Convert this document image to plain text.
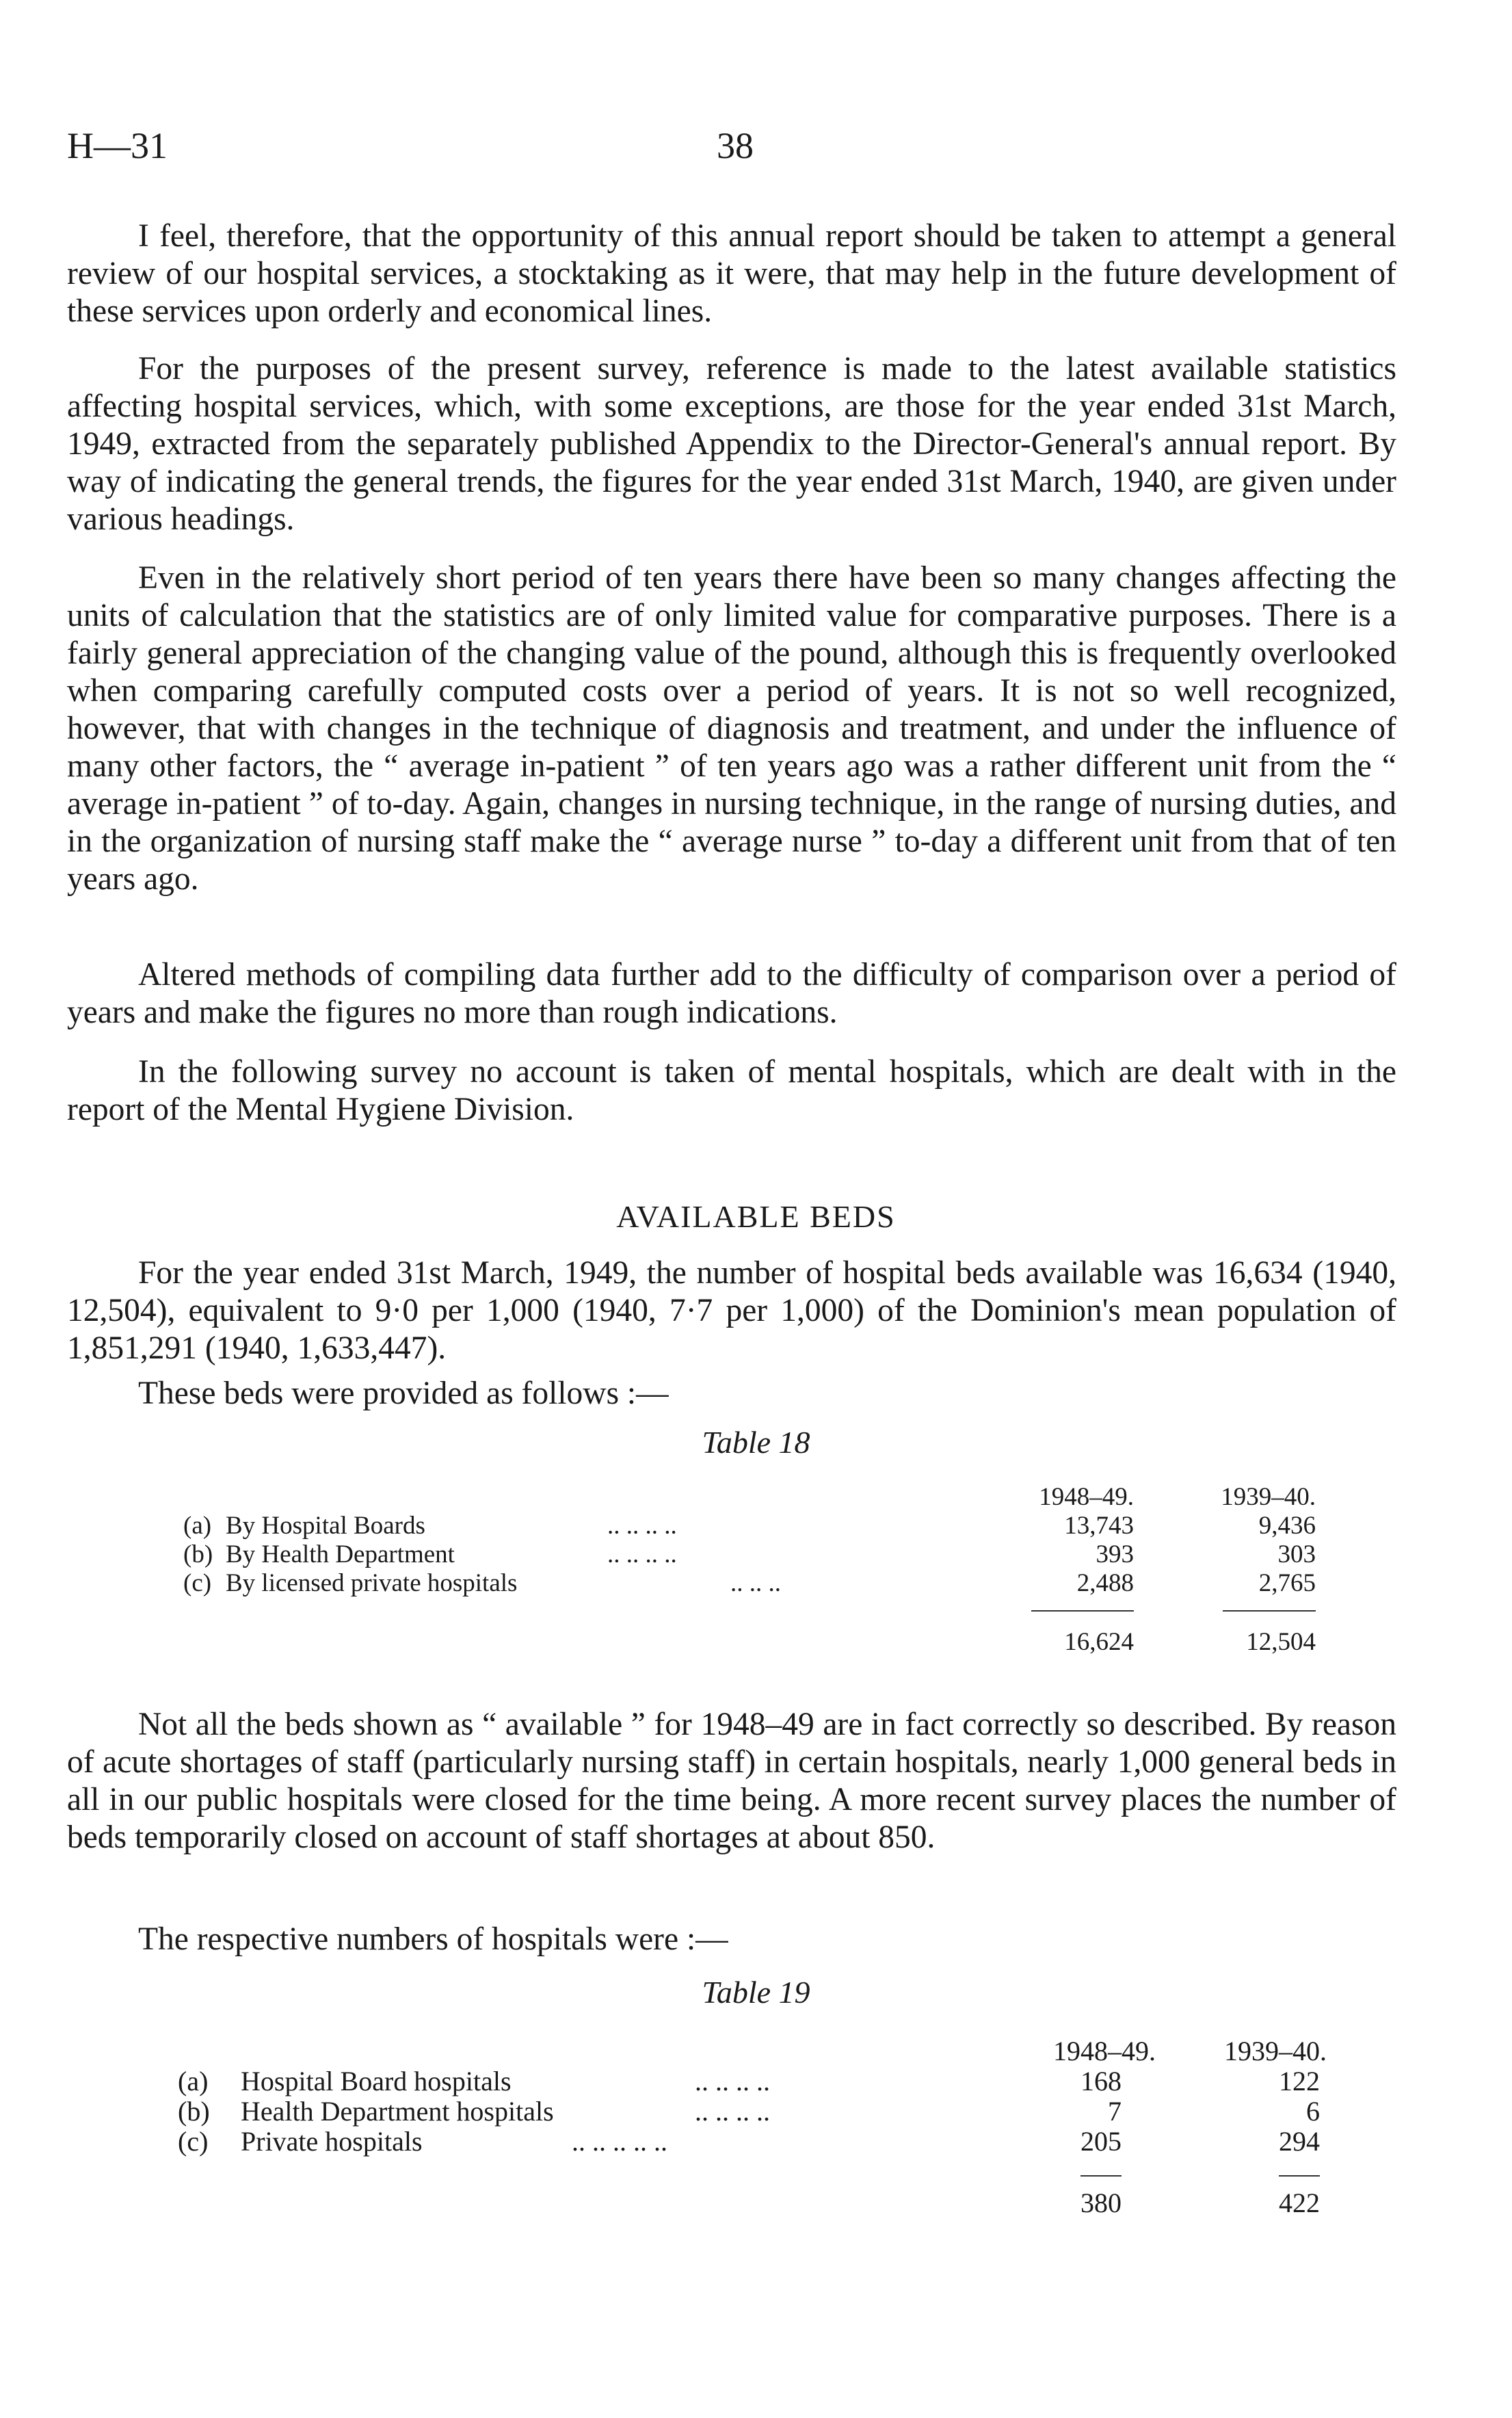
H—31	38

I feel, therefore, that the opportunity of this annual report should be taken to attempt a general review of our hospital services, a stocktaking as it were, that may help in the future development of these services upon orderly and economical lines.

For the purposes of the present survey, reference is made to the latest available statistics affecting hospital services, which, with some exceptions, are those for the year ended 31st March, 1949, extracted from the separately published Appendix to the Director-General's annual report. By way of indicating the general trends, the figures for the year ended 31st March, 1940, are given under various headings.

Even in the relatively short period of ten years there have been so many changes affecting the units of calculation that the statistics are of only limited value for comparative purposes. There is a fairly general appreciation of the changing value of the pound, although this is frequently overlooked when comparing carefully computed costs over a period of years. It is not so well recognized, however, that with changes in the technique of diagnosis and treatment, and under the influence of many other factors, the “ average in-patient ” of ten years ago was a rather different unit from the “ average in-patient ” of to-day. Again, changes in nursing technique, in the range of nursing duties, and in the organization of nursing staff make the “ average nurse ” to-day a different unit from that of ten years ago.

Altered methods of compiling data further add to the difficulty of comparison over a period of years and make the figures no more than rough indications.

In the following survey no account is taken of mental hospitals, which are dealt with in the report of the Mental Hygiene Division.

AVAILABLE BEDS

For the year ended 31st March, 1949, the number of hospital beds available was 16,634 (1940, 12,504), equivalent to 9·0 per 1,000 (1940, 7·7 per 1,000) of the Dominion's mean population of 1,851,291 (1940, 1,633,447).

These beds were provided as follows :—

Table 18
1948–49.	1939–40.
(a) By Hospital Boards	.. .. .. ..	13,743	9,436
(b) By Health Department	.. .. .. ..	393	303
(c) By licensed private hospitals	.. .. ..	2,488	2,765
16,624	12,504

Not all the beds shown as “ available ” for 1948–49 are in fact correctly so described. By reason of acute shortages of staff (particularly nursing staff) in certain hospitals, nearly 1,000 general beds in all in our public hospitals were closed for the time being. A more recent survey places the number of beds temporarily closed on account of staff shortages at about 850.

The respective numbers of hospitals were :—

Table 19
1948–49.	1939–40.
(a) Hospital Board hospitals	.. .. .. ..	168	122
(b) Health Department hospitals	.. .. .. ..	7	6
(c) Private hospitals	.. .. .. .. ..	205	294
380	422
